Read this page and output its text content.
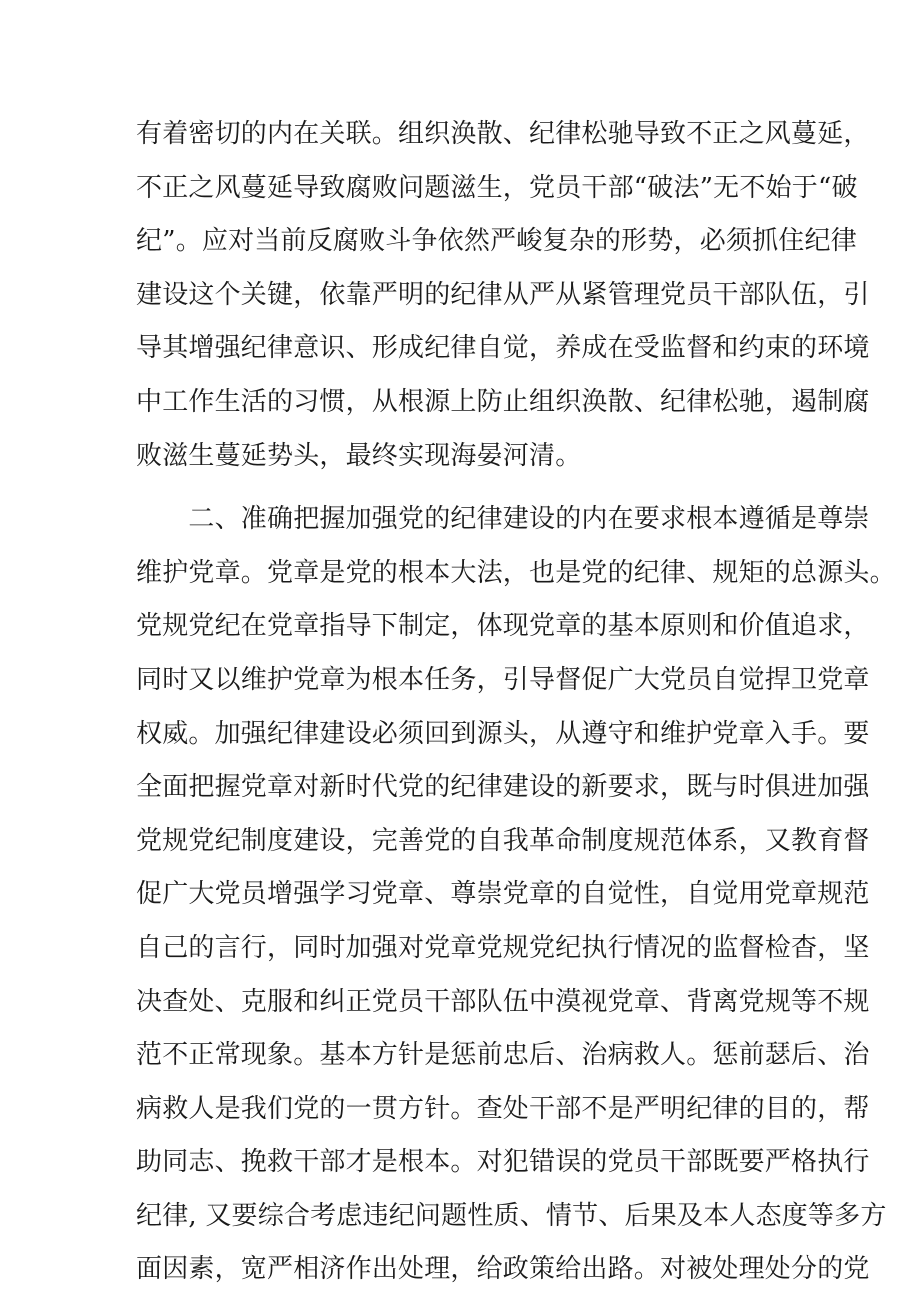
有着密切的内在关联。组织涣散、纪律松驰导致不正之风蔓延，
不正之风蔓延导致腐败问题滋生，党员干部“破法”无不始于“破
纪”。应对当前反腐败斗争依然严峻复杂的形势，必须抓住纪律
建设这个关键，依靠严明的纪律从严从紧管理党员干部队伍，引
导其增强纪律意识、形成纪律自觉，养成在受监督和约束的环境
中工作生活的习惯，从根源上防止组织涣散、纪律松驰，遏制腐
败滋生蔓延势头，最终实现海晏河清。
　　二、准确把握加强党的纪律建设的内在要求根本遵循是尊崇
维护党章。党章是党的根本大法，也是党的纪律、规矩的总源头。
党规党纪在党章指导下制定，体现党章的基本原则和价值追求，
同时又以维护党章为根本任务，引导督促广大党员自觉捍卫党章
权威。加强纪律建设必须回到源头，从遵守和维护党章入手。要
全面把握党章对新时代党的纪律建设的新要求，既与时俱进加强
党规党纪制度建设，完善党的自我革命制度规范体系，又教育督
促广大党员增强学习党章、尊崇党章的自觉性，自觉用党章规范
自己的言行，同时加强对党章党规党纪执行情况的监督检杳，坚
决查处、克服和纠正党员干部队伍中漠视党章、背离党规等不规
范不正常现象。基本方针是惩前忠后、治病救人。惩前瑟后、治
病救人是我们党的一贯方针。查处干部不是严明纪律的目的，帮
助同志、挽救干部才是根本。对犯错误的党员干部既要严格执行
纪律, 又要综合考虑违纪问题性质、情节、后果及本人态度等多方
面因素，宽严相济作出处理，给政策给出路。对被处理处分的党
